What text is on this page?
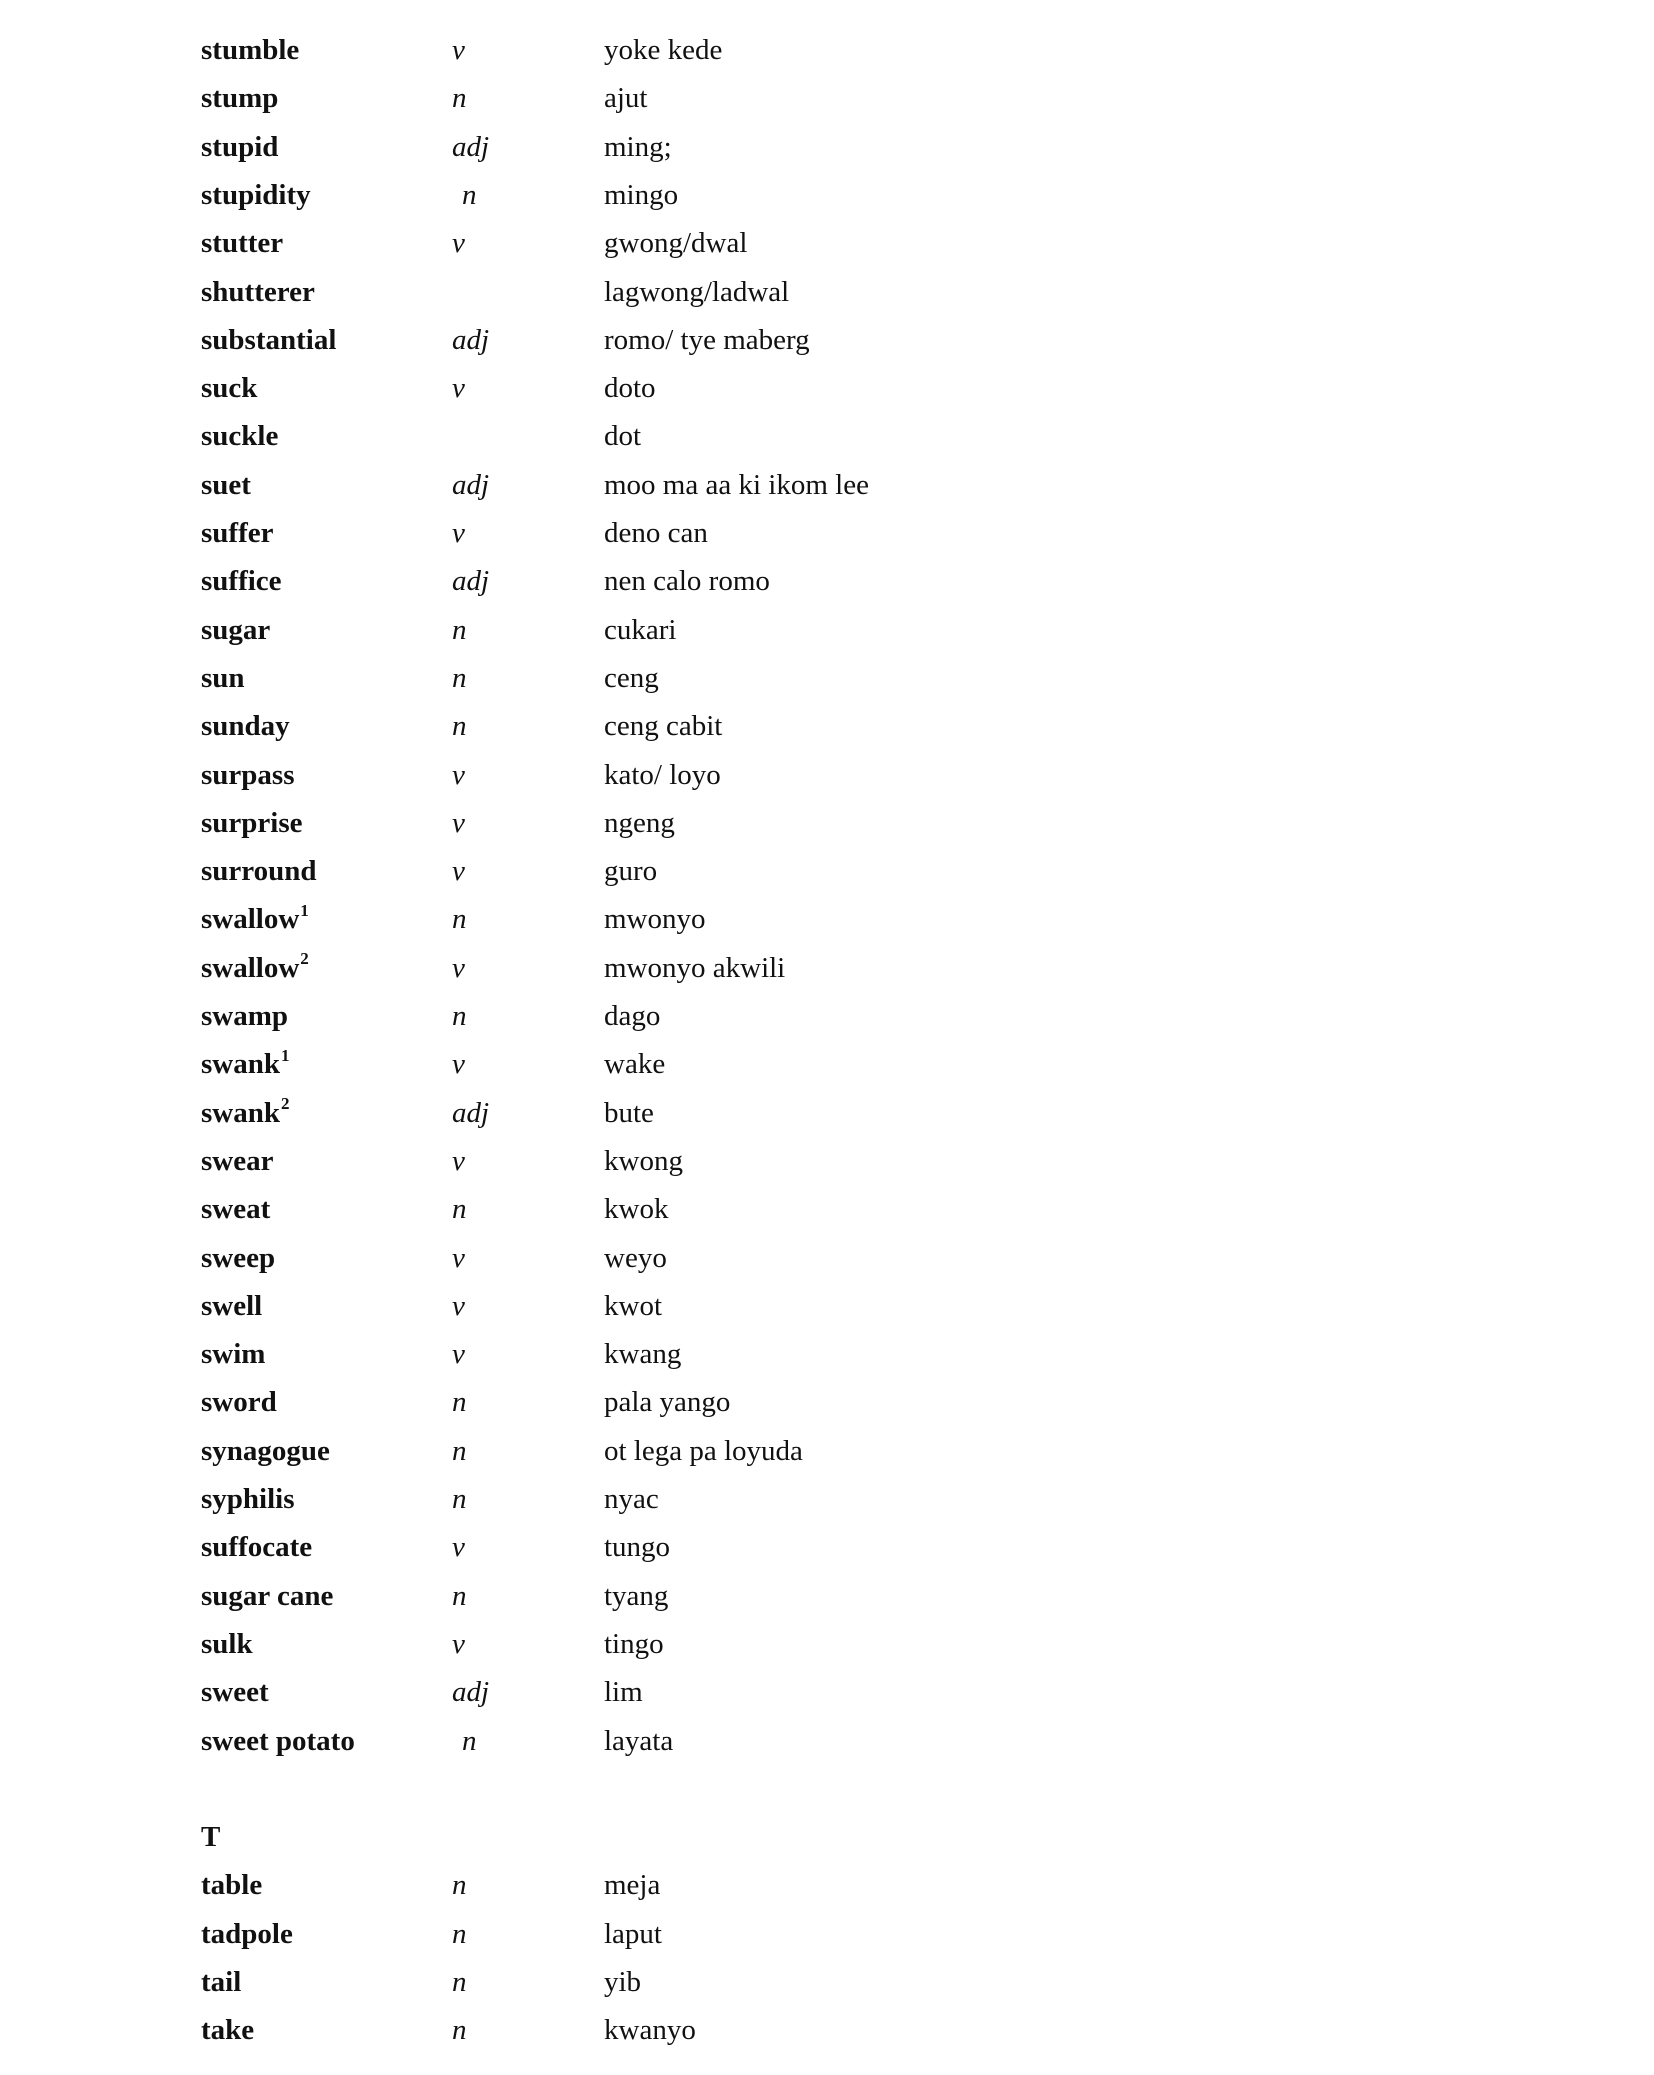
stumble	v	yoke kede
stump	n	ajut
stupid	adj	ming;
stupidity	n	mingo
stutter	v	gwong/dwal
shutterer	lagwong/ladwal
substantial	adj	romo/ tye maberg
suck	v	doto
suckle	dot
suet	adj	moo ma aa ki ikom lee
suffer	v	deno can
suffice	adj	nen calo romo
sugar	n	cukari
sun	n	ceng
sunday	n	ceng cabit
surpass	v	kato/ loyo
surprise	v	ngeng
surround	v	guro
swallow$^1$	n	mwonyo
swallow$^2$	v	mwonyo akwili
swamp	n	dago
swank$^1$	v	wake
swank$^2$	adj	bute
swear	v	kwong
sweat	n	kwok
sweep	v	weyo
swell	v	kwot
swim	v	kwang
sword	n	pala yango
synagogue	n	ot lega pa loyuda
syphilis	n	nyac
suffocate	v	tungo
sugar cane	n	tyang
sulk	v	tingo
sweet	adj	lim
sweet potato	n	layata
T
table	n	meja
tadpole	n	laput
tail	n	yib
take	n	kwanyo
